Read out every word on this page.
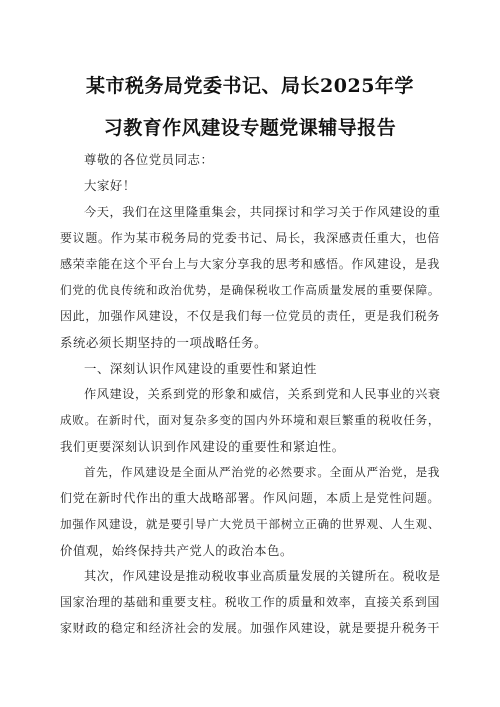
某市税务局党委书记、局长2025年学
习教育作风建设专题党课辅导报告
尊敬的各位党员同志：
大家好！
今天，我们在这里隆重集会，共同探讨和学习关于作风建设的重
要议题。作为某市税务局的党委书记、局长，我深感责任重大，也倍
感荣幸能在这个平台上与大家分享我的思考和感悟。作风建设，是我
们党的优良传统和政治优势，是确保税收工作高质量发展的重要保障。
因此，加强作风建设，不仅是我们每一位党员的责任，更是我们税务
系统必须长期坚持的一项战略任务。
一、深刻认识作风建设的重要性和紧迫性
作风建设，关系到党的形象和威信，关系到党和人民事业的兴衰
成败。在新时代，面对复杂多变的国内外环境和艰巨繁重的税收任务，
我们更要深刻认识到作风建设的重要性和紧迫性。
首先，作风建设是全面从严治党的必然要求。全面从严治党，是我
们党在新时代作出的重大战略部署。作风问题，本质上是党性问题。
加强作风建设，就是要引导广大党员干部树立正确的世界观、人生观、
价值观，始终保持共产党人的政治本色。
其次，作风建设是推动税收事业高质量发展的关键所在。税收是
国家治理的基础和重要支柱。税收工作的质量和效率，直接关系到国
家财政的稳定和经济社会的发展。加强作风建设，就是要提升税务干
